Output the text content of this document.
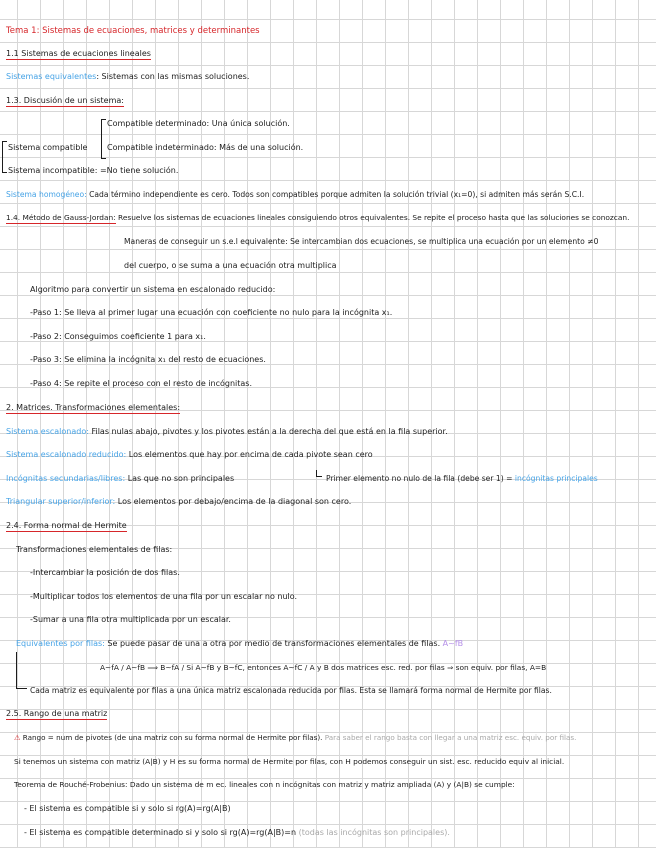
Tema 1: Sistemas de ecuaciones, matrices y determinantes
1.1 Sistemas de ecuaciones lineales
Sistemas equivalentes: Sistemas con las mismas soluciones.
1.3. Discusión de un sistema:
Compatible determinado: Una única solución.
Sistema compatible Compatible indeterminado: Más de una solución.
Sistema incompatible: =No tiene solución.
Sistema homogéneo: Cada término independiente es cero. Todos son compatibles porque admiten la solución trivial (x₁=0), si admiten más serán S.C.I.
1.4. Método de Gauss-Jordan: Resuelve los sistemas de ecuaciones lineales consiguiendo otros equivalentes. Se repite el proceso hasta que las soluciones se conozcan.
Maneras de conseguir un s.e.l equivalente: Se intercambian dos ecuaciones, se multiplica una ecuación por un elemento ≠0
del cuerpo, o se suma a una ecuación otra multiplica
Algoritmo para convertir un sistema en escalonado reducido:
-Paso 1: Se lleva al primer lugar una ecuación con coeficiente no nulo para la incógnita x₁.
-Paso 2: Conseguimos coeficiente 1 para x₁.
-Paso 3: Se elimina la incógnita x₁ del resto de ecuaciones.
-Paso 4: Se repite el proceso con el resto de incógnitas.
2. Matrices. Transformaciones elementales:
Sistema escalonado: Filas nulas abajo, pivotes y los pivotes están a la derecha del que está en la fila superior.
Sistema escalonado reducido: Los elementos que hay por encima de cada pivote sean cero
Incógnitas secundarias/libres: Las que no son principales	Primer elemento no nulo de la fila (debe ser 1) = incógnitas principales
Triangular superior/inferior: Los elementos por debajo/encima de la diagonal son cero.
2.4. Forma normal de Hermite
Transformaciones elementales de filas:
-Intercambiar la posición de dos filas.
-Multiplicar todos los elementos de una fila por un escalar no nulo.
-Sumar a una fila otra multiplicada por un escalar.
Equivalentes por filas: Se puede pasar de una a otra por medio de transformaciones elementales de filas. A~fB
A~fA / A~fB ⟹ B~fA / Si A~fB y B~fC, entonces A~fC / A y B dos matrices esc. red. por filas ⇒ son equiv. por filas, A=B
Cada matriz es equivalente por filas a una única matriz escalonada reducida por filas. Esta se llamará forma normal de Hermite por filas.
2.5. Rango de una matriz
⚠ Rango = num de pivotes (de una matriz con su forma normal de Hermite por filas). Para saber el rango basta con llegar a una matriz esc. equiv. por filas.
Si tenemos un sistema con matriz (A|B) y H es su forma normal de Hermite por filas, con H podemos conseguir un sist. esc. reducido equiv al inicial.
Teorema de Rouché-Frobenius: Dado un sistema de m ec. lineales con n incógnitas con matriz y matriz ampliada (A) y (A|B) se cumple:
- El sistema es compatible si y solo si rg(A)=rg(A|B)
- El sistema es compatible determinado si y solo si rg(A)=rg(A|B)=n (todas las incógnitas son principales).
